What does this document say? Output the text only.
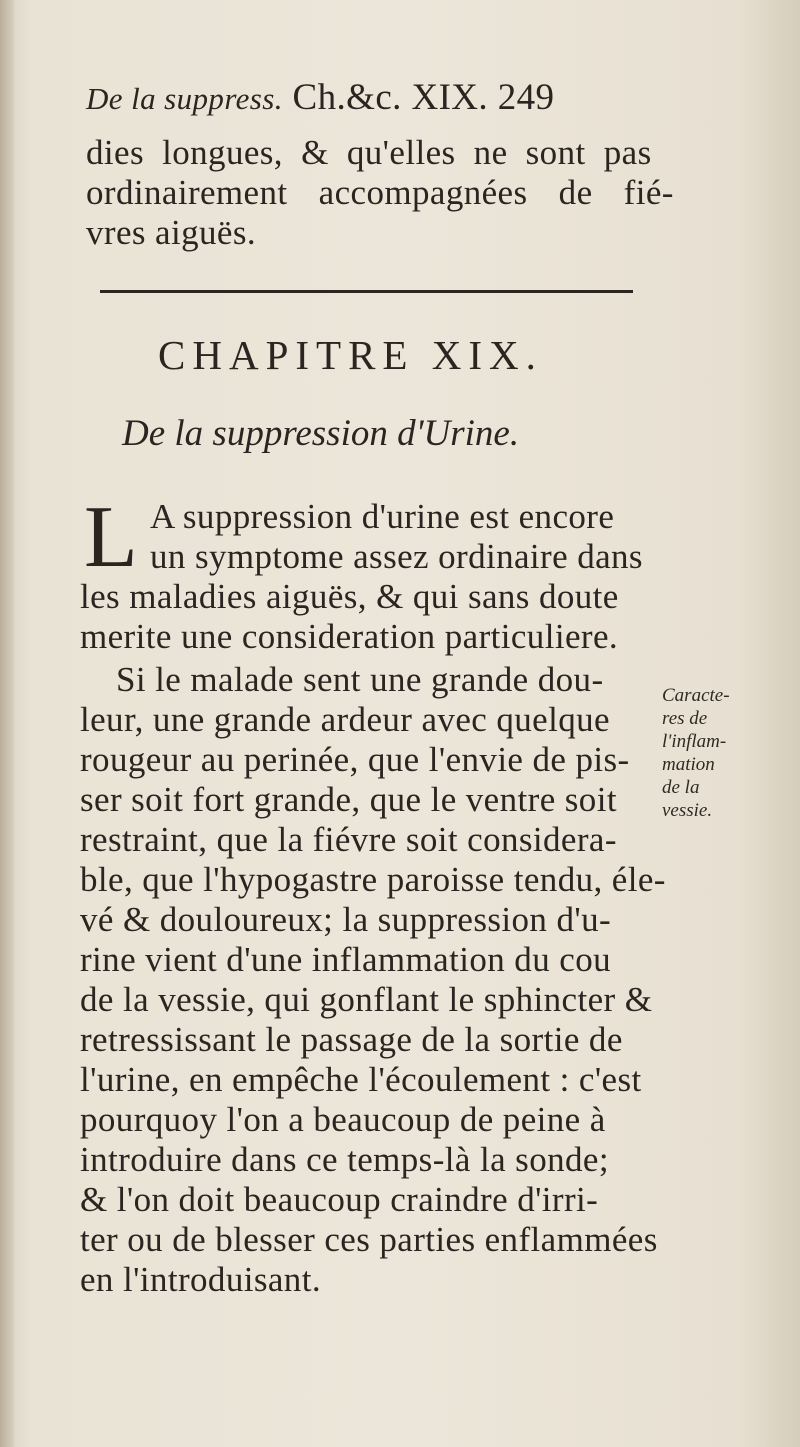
De la suppress. Ch.&c. XIX. 249
dies longues, & qu'elles ne sont pas
ordinairement accompagnées de fié-
vres aiguës.
CHAPITRE XIX.
De la suppression d'Urine.
L A suppression d'urine est encore
un symptome assez ordinaire dans
les maladies aiguës, & qui sans doute
merite une consideration particuliere.
Si le malade sent une grande dou-
leur, une grande ardeur avec quelque
rougeur au perinée, que l'envie de pis-
ser soit fort grande, que le ventre soit
restraint, que la fiévre soit considera-
ble, que l'hypogastre paroisse tendu, éle-
vé & douloureux; la suppression d'u-
rine vient d'une inflammation du cou
de la vessie, qui gonflant le sphincter &
retressissant le passage de la sortie de
l'urine, en empêche l'écoulement : c'est
pourquoy l'on a beaucoup de peine à
introduire dans ce temps-là la sonde;
& l'on doit beaucoup craindre d'irri-
ter ou de blesser ces parties enflammées
en l'introduisant.
Caracte-
res de
l'inflam-
mation
de la
vessie.
